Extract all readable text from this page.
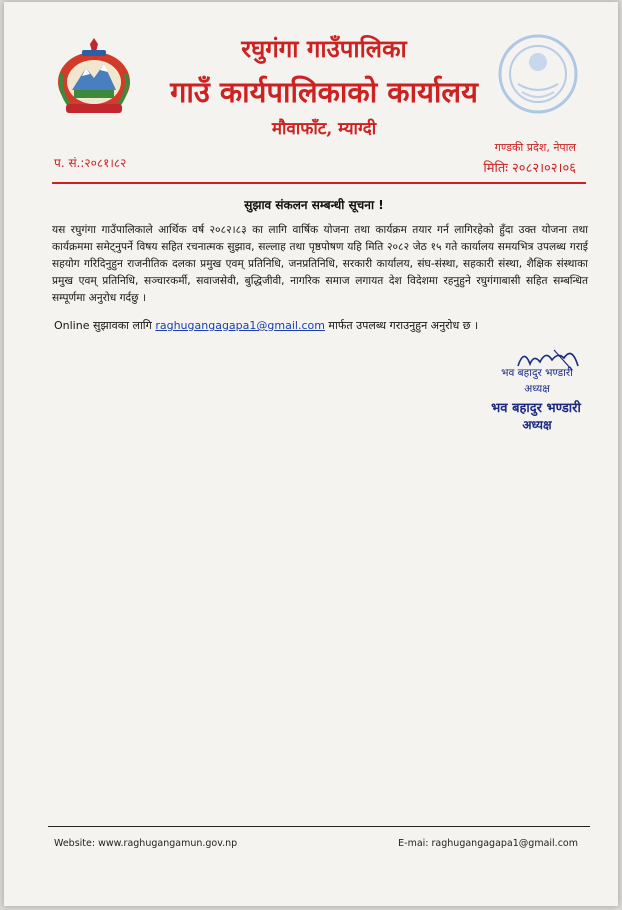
रघुगंगा गाउँपालिका
गाउँ कार्यपालिकाको कार्यालय
मौवाफाँट, म्याग्दी
प. सं.:२०८१।८२
गण्डकी प्रदेश, नेपाल
मितिः २०८२।०२।०६
सुझाव संकलन सम्बन्धी सूचना !
यस रघुगंगा गाउँपालिकाले आर्थिक वर्ष २०८२।८३ का लागि वार्षिक योजना तथा कार्यक्रम तयार गर्न लागिरहेको हुँदा उक्त योजना तथा कार्यक्रममा समेट्नुपर्ने विषय सहित रचनात्मक सुझाव, सल्लाह तथा पृष्ठपोषण यहि मिति २०८२ जेठ १५ गते कार्यालय समयभित्र उपलब्ध गराई सहयोग गरिदिनुहुन राजनीतिक दलका प्रमुख एवम् प्रतिनिधि, जनप्रतिनिधि, सरकारी कार्यालय, संघ-संस्था, सहकारी संस्था, शैक्षिक संस्थाका प्रमुख एवम् प्रतिनिधि, सञ्चारकर्मी, सवाजसेवी, बुद्धिजीवी, नागरिक समाज लगायत देश विदेशमा रहनुहुने रघुगंगाबासी सहित सम्बन्धित सम्पूर्णमा अनुरोध गर्दछु ।
Online सुझावका लागि raghugangagapa1@gmail.com मार्फत उपलब्ध गराउनुहुन अनुरोध छ ।
भव बहादुर भण्डारी
अध्यक्ष
भव बहादुर भण्डारी
अध्यक्ष
Website: www.raghugangamun.gov.np	E-mai: raghugangagapa1@gmail.com
